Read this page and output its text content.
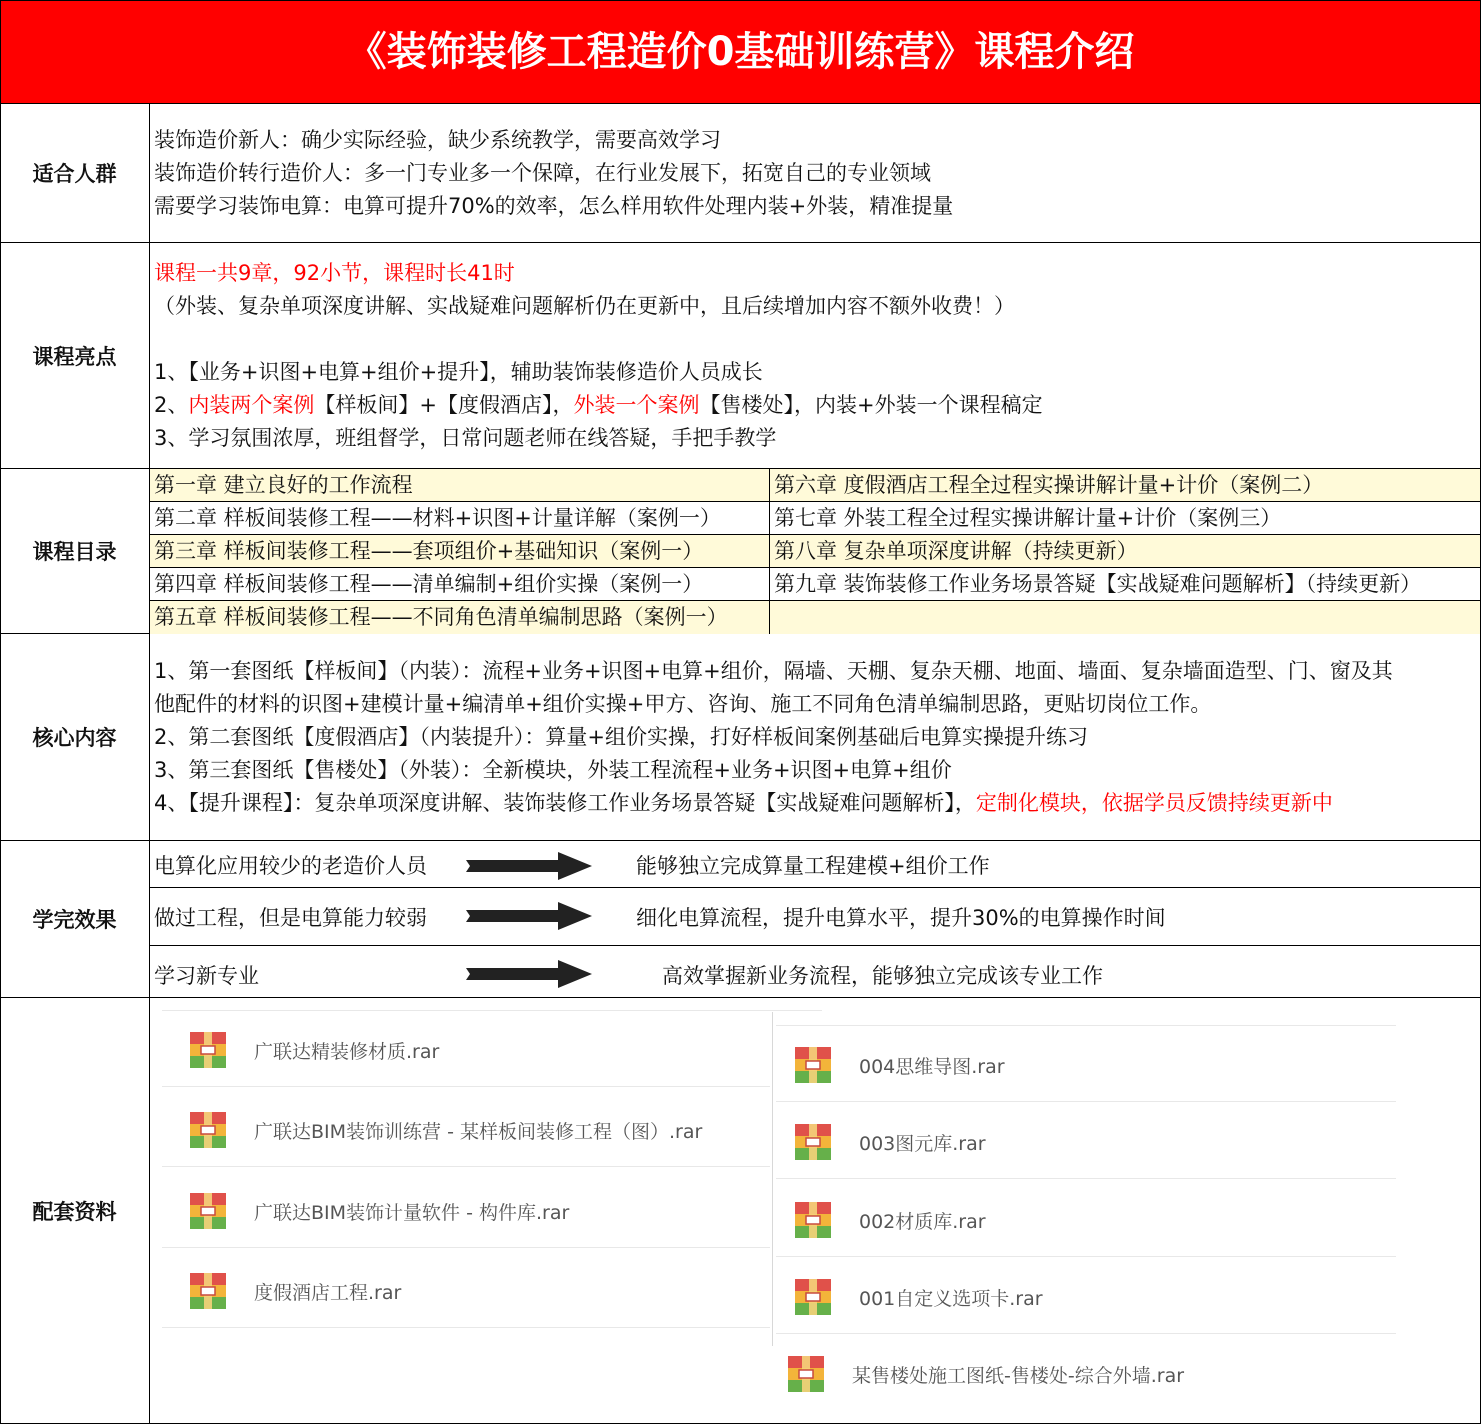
《装饰装修工程造价0基础训练营》课程介绍
适合人群
装饰造价新人：确少实际经验，缺少系统教学，需要高效学习
装饰造价转行造价人：多一门专业多一个保障，在行业发展下，拓宽自己的专业领域
需要学习装饰电算：电算可提升70%的效率，怎么样用软件处理内装+外装，精准提量
课程亮点
课程一共9章，92小节，课程时长41时
（外装、复杂单项深度讲解、实战疑难问题解析仍在更新中，且后续增加内容不额外收费！）
1、【业务+识图+电算+组价+提升】，辅助装饰装修造价人员成长
2、内装两个案例【样板间】+【度假酒店】，外装一个案例【售楼处】，内装+外装一个课程稿定
3、学习氛围浓厚，班组督学，日常问题老师在线答疑，手把手教学
课程目录
第一章 建立良好的工作流程	第六章 度假酒店工程全过程实操讲解计量+计价（案例二）
第二章 样板间装修工程——材料+识图+计量详解（案例一）	第七章 外装工程全过程实操讲解计量+计价（案例三）
第三章 样板间装修工程——套项组价+基础知识（案例一）	第八章 复杂单项深度讲解（持续更新）
第四章 样板间装修工程——清单编制+组价实操（案例一）	第九章 装饰装修工作业务场景答疑【实战疑难问题解析】（持续更新）
第五章 样板间装修工程——不同角色清单编制思路（案例一）
核心内容
1、第一套图纸【样板间】（内装）：流程+业务+识图+电算+组价，隔墙、天棚、复杂天棚、地面、墙面、复杂墙面造型、门、窗及其
他配件的材料的识图+建模计量+编清单+组价实操+甲方、咨询、施工不同角色清单编制思路，更贴切岗位工作。
2、第二套图纸【度假酒店】（内装提升）：算量+组价实操，打好样板间案例基础后电算实操提升练习
3、第三套图纸【售楼处】（外装）：全新模块，外装工程流程+业务+识图+电算+组价
4、【提升课程】：复杂单项深度讲解、装饰装修工作业务场景答疑【实战疑难问题解析】，定制化模块，依据学员反馈持续更新中
学完效果
电算化应用较少的老造价人员	能够独立完成算量工程建模+组价工作
做过工程，但是电算能力较弱	细化电算流程，提升电算水平，提升30%的电算操作时间
学习新专业	高效掌握新业务流程，能够独立完成该专业工作
配套资料
广联达精装修材质.rar
广联达BIM装饰训练营 - 某样板间装修工程（图）.rar
广联达BIM装饰计量软件 - 构件库.rar
度假酒店工程.rar
004思维导图.rar
003图元库.rar
002材质库.rar
001自定义选项卡.rar
某售楼处施工图纸-售楼处-综合外墙.rar
